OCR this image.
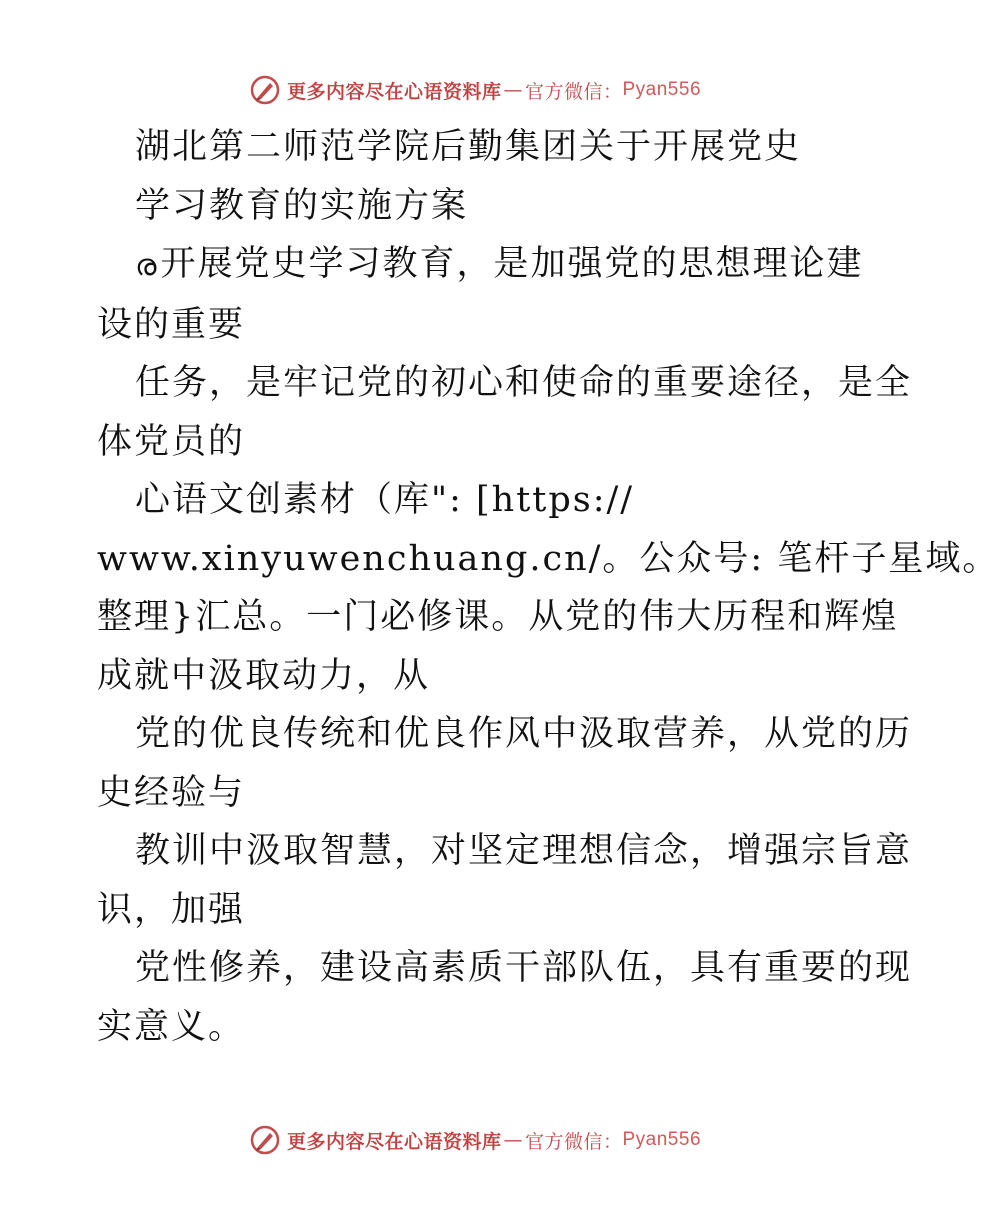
更多内容尽在心语资料库 — 官方微信： Pyan556
湖北第二师范学院后勤集团关于开展党史
学习教育的实施方案
ര开展党史学习教育，是加强党的思想理论建
设的重要
任务，是牢记党的初心和使命的重要途径，是全
体党员的
心语文创素材（库": [https://
www.xinyuwenchuang.cn/。公众号: 笔杆子星域。
整理}汇总。一门必修课。从党的伟大历程和辉煌
成就中汲取动力，从
党的优良传统和优良作风中汲取营养，从党的历
史经验与
教训中汲取智慧，对坚定理想信念，增强宗旨意
识，加强
党性修养，建设高素质干部队伍，具有重要的现
实意义。
更多内容尽在心语资料库 — 官方微信： Pyan556
